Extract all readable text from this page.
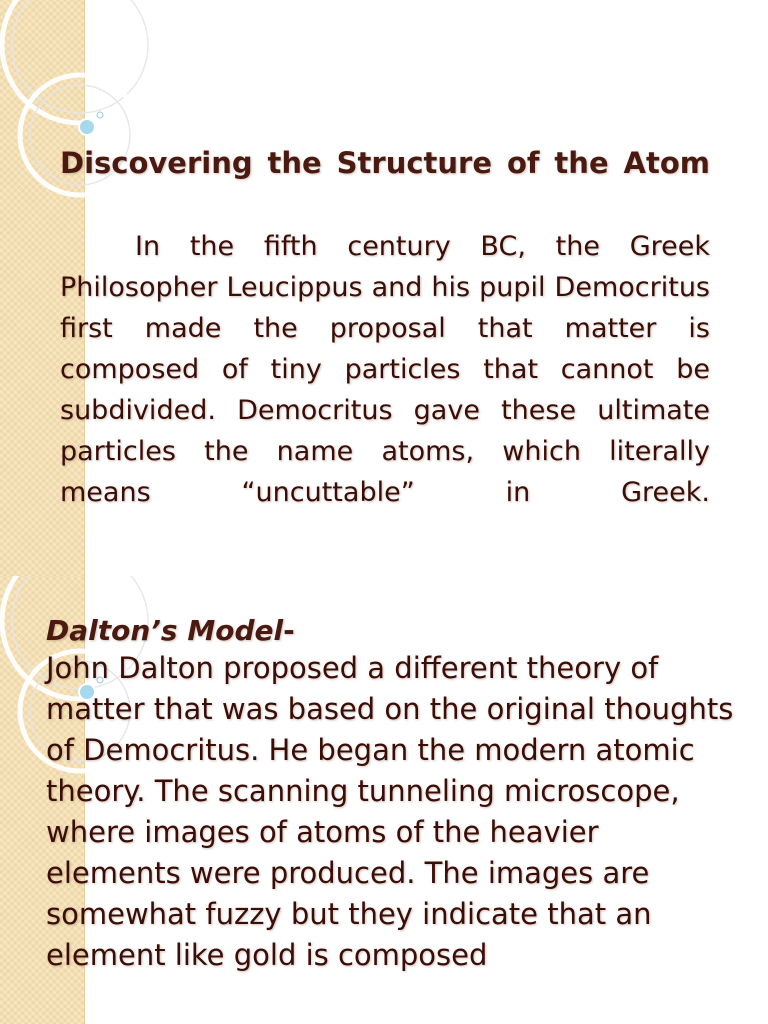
Discovering the Structure of the Atom

In the fifth century BC, the Greek Philosopher Leucippus and his pupil Democritus first made the proposal that matter is composed of tiny particles that cannot be subdivided. Democritus gave these ultimate particles the name atoms, which literally means “uncuttable” in Greek.

Dalton’s Model-

John Dalton proposed a different theory of matter that was based on the original thoughts of Democritus. He began the modern atomic theory. The scanning tunneling microscope, where images of atoms of the heavier elements were produced. The images are somewhat fuzzy but they indicate that an element like gold is composed
